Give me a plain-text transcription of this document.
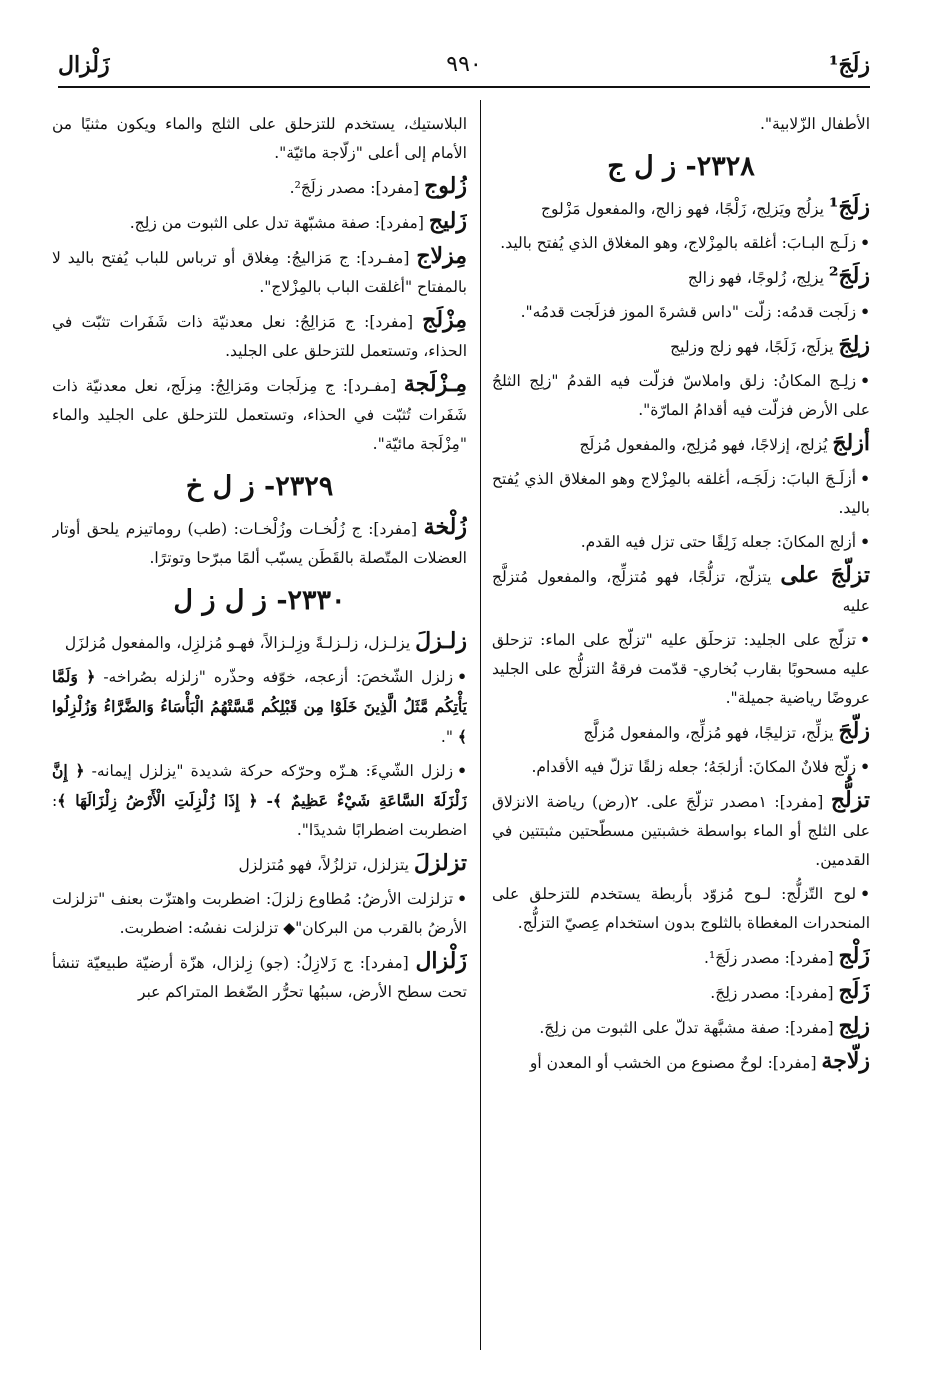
زلَجَ¹
٩٩٠
زَلْزال
الأطفال الزّلابية".
٢٣٢٨- ز ل ج
زلَجَ¹ يزلُج ويَزلِج، زَلْجًا، فهو زالج، والمفعول مَزْلوج
•زلَـج البـابَ: أغلقه بالمِزْلاج، وهو المغلاق الذي يُفتح باليد.
زلَجَ² يزلِج، زُلوجًا، فهو زالج
•زلَجت قدمُه: زلّت "داس قشرةَ الموز فزلَجت قدمُه".
زلِجَ يزلَج، زَلَجًا، فهو زلج وزليج
•زلِـج المكانُ: زلق واملاسّ فزلّت فيه القدمُ "زلِج الثلجُ على الأرض فزلّت فيه أقدامُ المارّة".
أزلجَ يُزلج، إزلاجًا، فهو مُزلِج، والمفعول مُزلَج
•أزلَـجَ البابَ: زلَجَـه، أغلقه بالمِزْلاج وهو المغلاق الذي يُفتح باليد.
•أزلج المكانَ: جعله زَلِقًا حتى تزل فيه القدم.
تزلّجَ على يتزلّج، تزلُّجًا، فهو مُتزلِّج، والمفعول مُتزلَّج عليه
•تزلّج على الجليد: تزحلَق عليه "تزلّج على الماء: تزحلق عليه مسحوبًا بقارب بُخاري- قدّمت فرقةُ التزلُّج على الجليد عروضًا رياضية جميلة".
زلّجَ يزلِّج، تزليجًا، فهو مُزلِّج، والمفعول مُزلَّج
•زلّج فلانٌ المكانَ: أزلجَهُ؛ جعله زلقًا تزلّ فيه الأقدام.
تزلُّج [مفرد]: ١مصدر تزلّجَ على. ٢(رض) رياضة الانزلاق على الثلج أو الماء بواسطة خشبتين مسطّحتين مثبتتين في القدمين.
•لوح التّزلُّج: لـوح مُزوّد بأربطة يستخدم للتزحلق على المنحدرات المغطاة بالثلوج بدون استخدام عِصيّ التزلُّج.
زَلْج [مفرد]: مصدر زلَجَ¹.
زَلَج [مفرد]: مصدر زلِجَ.
زلِج [مفرد]: صفة مشبَّهة تدلّ على الثبوت من زلِجَ.
زلّاجة [مفرد]: لوحٌ مصنوع من الخشب أو المعدن أو
البلاستيك، يستخدم للتزحلق على الثلج والماء ويكون مثنيًا من الأمام إلى أعلى "زلّاجة مائيّة".
زُلوج [مفرد]: مصدر زلَجَ².
زَليج [مفرد]: صفة مشبّهة تدل على الثبوت من زلِج.
مِزلاج [مفـرد]: ج مَزاليجُ: مِغلاق أو ترباس للباب يُفتح باليد لا بالمفتاح "أغلقت الباب بالمِزْلاج".
مِزْلَج [مفرد]: ج مَزالِجُ: نعل معدنيّة ذات شَفَرات تثبّت في الحذاء، وتستعمل للتزحلق على الجليد.
مِـزْلَجة [مفـرد]: ج مِزلَجات ومَزالِجُ: مِزلَج، نعل معدنيّة ذات شَفَرات تُثبّت في الحذاء، وتستعمل للتزحلق على الجليد والماء "مِزْلَجة مائيّة".
٢٣٢٩- ز ل خ
زُلْخة [مفرد]: ج زُلُخـات وزُلْخـات: (طب) روماتيزم يلحق أوتار العضلات المتّصلة بالقَطَن يسبّب ألمًا مبرّحا وتوترًا.
٢٣٣٠- ز ل ز ل
زلـزلَ يزلـزل، زلـزلـةً وزِلـزالاً، فهـو مُزلزِل، والمفعول مُزلزَل
•زلزل الشّخصَ: أزعجه، خوّفه وحذّره "زلزله بصُراخه- ﴿ وَلَمَّا يَأْتِكُم مَّثَلُ الَّذِينَ خَلَوْا مِن قَبْلِكُم مَّسَّتْهُمُ الْبَأْسَاءُ وَالضَّرَّاءُ وَزُلْزِلُوا ﴾ ".
•زلزل الشّيءَ: هـزّه وحرّكه حركة شديدة "يزلزل إيمانه- ﴿ إِنَّ زَلْزَلَةَ السَّاعَةِ شَيْءٌ عَظِيمٌ ﴾- ﴿ إِذَا زُلْزِلَتِ الْأَرْضُ زِلْزَالَهَا ﴾: اضطربت اضطرابًا شديدًا".
تزلزلَ يتزلزل، تزلزُلاً، فهو مُتزلزل
•تزلزلت الأرضُ: مُطاوع زلزلَ: اضطربت واهتزّت بعنف "تزلزلت الأرضُ بالقرب من البركان"◆ تزلزلت نفسُه: اضطربت.
زَلْزال [مفرد]: ج زَلازِلُ: (جو) زِلزال، هزّة أرضيّة طبيعيّة تنشأ تحت سطح الأرض، سببُها تحرُّر الضّغط المتراكم عبر
